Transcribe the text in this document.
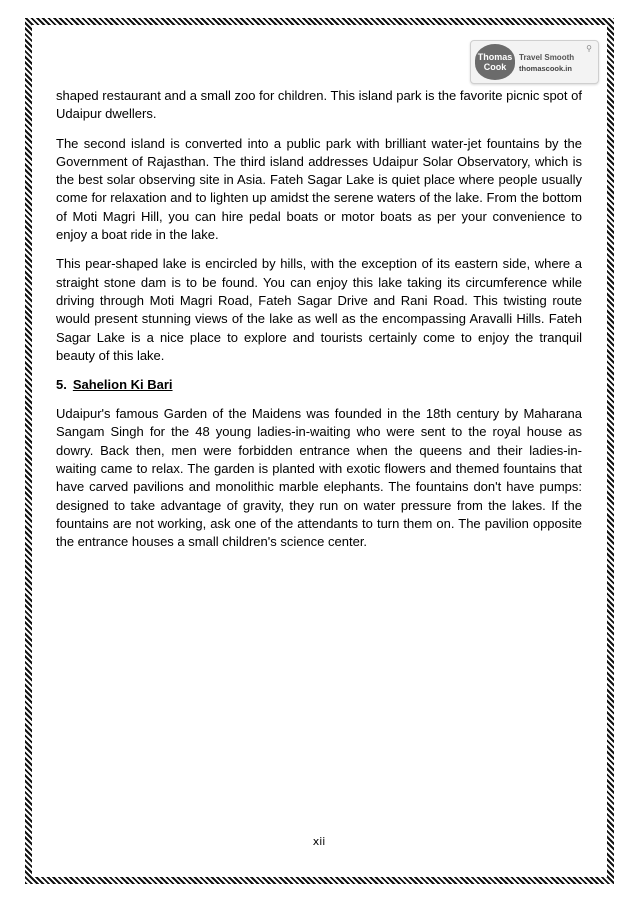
Thomas
Cook
Travel Smooth
thomascook.in
⚲

shaped restaurant and a small zoo for children. This island park is the favorite picnic spot of Udaipur dwellers.

The second island is converted into a public park with brilliant water-jet fountains by the Government of Rajasthan. The third island addresses Udaipur Solar Observatory, which is the best solar observing site in Asia. Fateh Sagar Lake is quiet place where people usually come for relaxation and to lighten up amidst the serene waters of the lake. From the bottom of Moti Magri Hill, you can hire pedal boats or motor boats as per your convenience to enjoy a boat ride in the lake.

This pear-shaped lake is encircled by hills, with the exception of its eastern side, where a straight stone dam is to be found. You can enjoy this lake taking its circumference while driving through Moti Magri Road, Fateh Sagar Drive and Rani Road. This twisting route would present stunning views of the lake as well as the encompassing Aravalli Hills. Fateh Sagar Lake is a nice place to explore and tourists certainly come to enjoy the tranquil beauty of this lake.

5. Sahelion Ki Bari

Udaipur's famous Garden of the Maidens was founded in the 18th century by Maharana Sangam Singh for the 48 young ladies-in-waiting who were sent to the royal house as dowry. Back then, men were forbidden entrance when the queens and their ladies-in-waiting came to relax. The garden is planted with exotic flowers and themed fountains that have carved pavilions and monolithic marble elephants. The fountains don't have pumps: designed to take advantage of gravity, they run on water pressure from the lakes. If the fountains are not working, ask one of the attendants to turn them on. The pavilion opposite the entrance houses a small children's science center.

xii
